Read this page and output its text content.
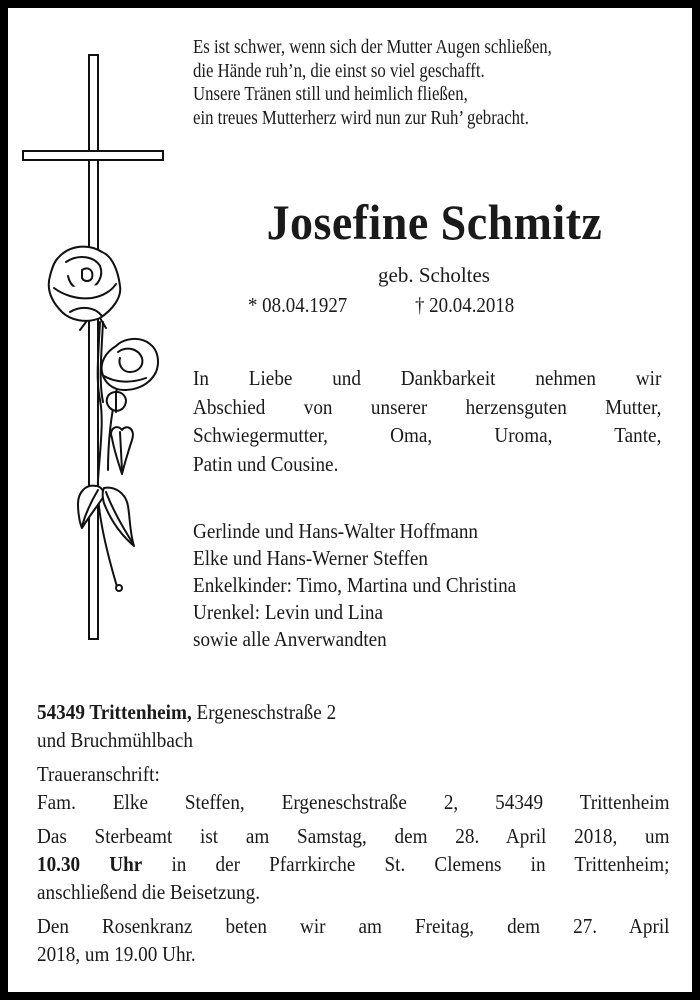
Es ist schwer, wenn sich der Mutter Augen schließen,
die Hände ruh’n, die einst so viel geschafft.
Unsere Tränen still und heimlich fließen,
ein treues Mutterherz wird nun zur Ruh’ gebracht.
Josefine Schmitz
geb. Scholtes
* 08.04.1927	† 20.04.2018
In Liebe und Dankbarkeit nehmen wir
Abschied von unserer herzensguten Mutter,
Schwiegermutter, Oma, Uroma, Tante,
Patin und Cousine.
Gerlinde und Hans-Walter Hoffmann
Elke und Hans-Werner Steffen
Enkelkinder: Timo, Martina und Christina
Urenkel: Levin und Lina
sowie alle Anverwandten
54349 Trittenheim, Ergeneschstraße 2
und Bruchmühlbach
Traueranschrift:
Fam. Elke Steffen, Ergeneschstraße 2, 54349 Trittenheim
Das Sterbeamt ist am Samstag, dem 28. April 2018, um
10.30 Uhr in der Pfarrkirche St. Clemens in Trittenheim;
anschließend die Beisetzung.
Den Rosenkranz beten wir am Freitag, dem 27. April
2018, um 19.00 Uhr.
